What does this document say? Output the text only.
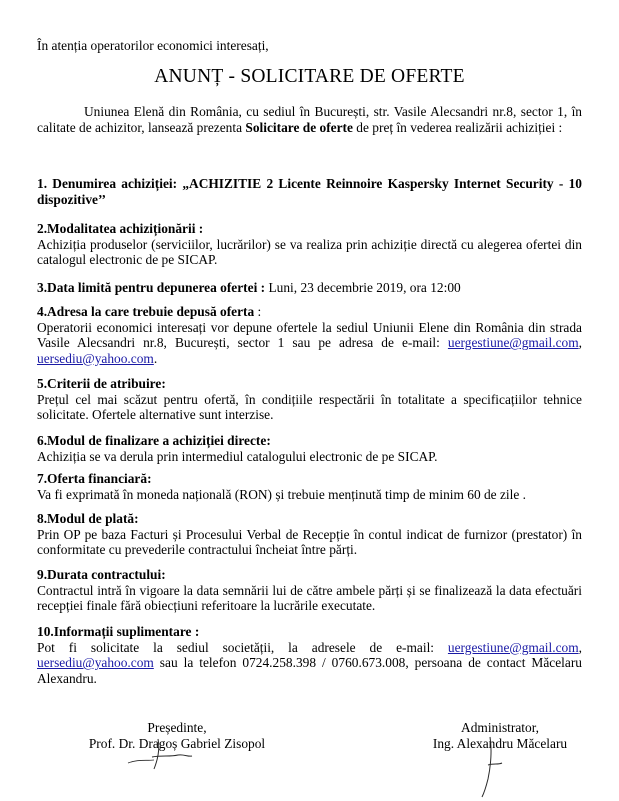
În atenția operatorilor economici interesați,
ANUNȚ - SOLICITARE DE OFERTE
Uniunea Elenă din România, cu sediul în București, str. Vasile Alecsandri nr.8, sector 1, în calitate de achizitor, lansează prezenta Solicitare de oferte de preț în vederea realizării achiziției :
1. Denumirea achiziției: „ACHIZITIE 2 Licente Reinnoire Kaspersky Internet Security - 10 dispozitive’’
2.Modalitatea achiziționării :
Achiziția produselor (serviciilor, lucrărilor) se va realiza prin achiziție directă cu alegerea ofertei din catalogul electronic de pe SICAP.
3.Data limită pentru depunerea ofertei : Luni, 23 decembrie 2019, ora 12:00
4.Adresa la care trebuie depusă oferta :
Operatorii economici interesați vor depune ofertele la sediul Uniunii Elene din România din strada Vasile Alecsandri nr.8, București, sector 1 sau pe adresa de e-mail: uergestiune@gmail.com, uersediu@yahoo.com.
5.Criterii de atribuire:
Prețul cel mai scăzut pentru ofertă, în condițiile respectării în totalitate a specificațiilor tehnice solicitate. Ofertele alternative sunt interzise.
6.Modul de finalizare a achiziției directe:
Achiziția se va derula prin intermediul catalogului electronic de pe SICAP.
7.Oferta financiară:
Va fi exprimată în moneda națională (RON) și trebuie menținută timp de minim 60 de zile .
8.Modul de plată:
Prin OP pe baza Facturi și Procesului Verbal de Recepție în contul indicat de furnizor (prestator) în conformitate cu prevederile contractului încheiat între părți.
9.Durata contractului:
Contractul intră în vigoare la data semnării lui de către ambele părți și se finalizează la data efectuări recepției finale fără obiecțiuni referitoare la lucrările executate.
10.Informații suplimentare :
Pot fi solicitate la sediul societății, la adresele de e-mail: uergestiune@gmail.com, uersediu@yahoo.com sau la telefon 0724.258.398 / 0760.673.008, persoana de contact Măcelaru Alexandru.
Președinte,
Prof. Dr. Dragoș Gabriel Zisopol
Administrator,
Ing. Alexandru Măcelaru
